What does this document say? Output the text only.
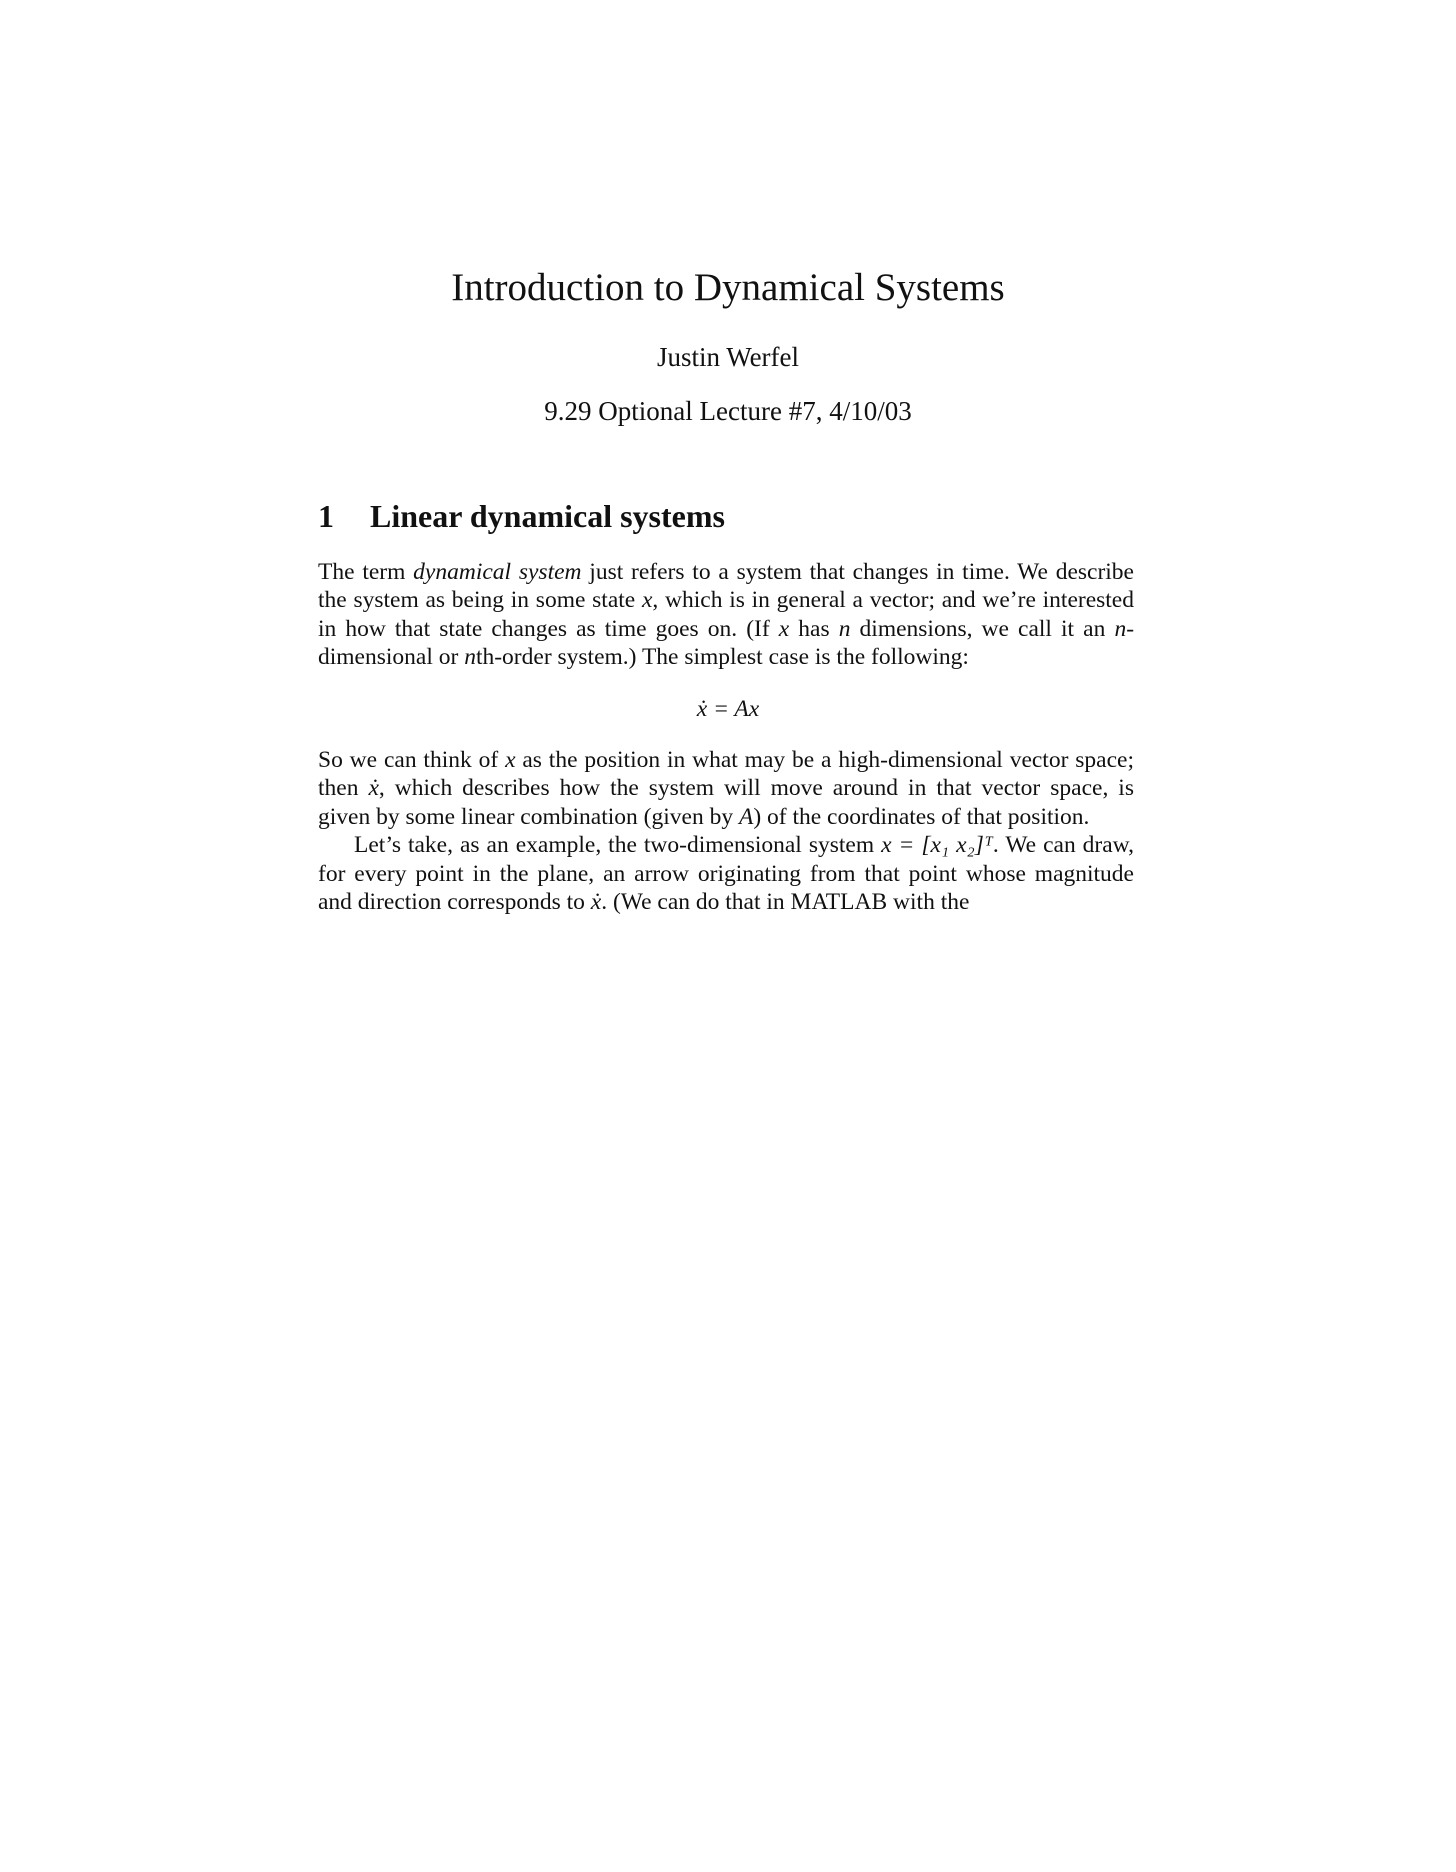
Introduction to Dynamical Systems
Justin Werfel
9.29 Optional Lecture #7, 4/10/03
1 Linear dynamical systems

The term dynamical system just refers to a system that changes in time. We describe the system as being in some state x, which is in general a vector; and we’re interested in how that state changes as time goes on. (If x has n dimensions, we call it an n-dimensional or nth-order system.) The simplest case is the following:

ẋ = Ax

So we can think of x as the position in what may be a high-dimensional vector space; then ẋ, which describes how the system will move around in that vector space, is given by some linear combination (given by A) of the coordinates of that position.
Let’s take, as an example, the two-dimensional system x = [x₁ x₂]ᵀ. We can draw, for every point in the plane, an arrow originating from that point whose magnitude and direction corresponds to ẋ. (We can do that in MATLAB with the
